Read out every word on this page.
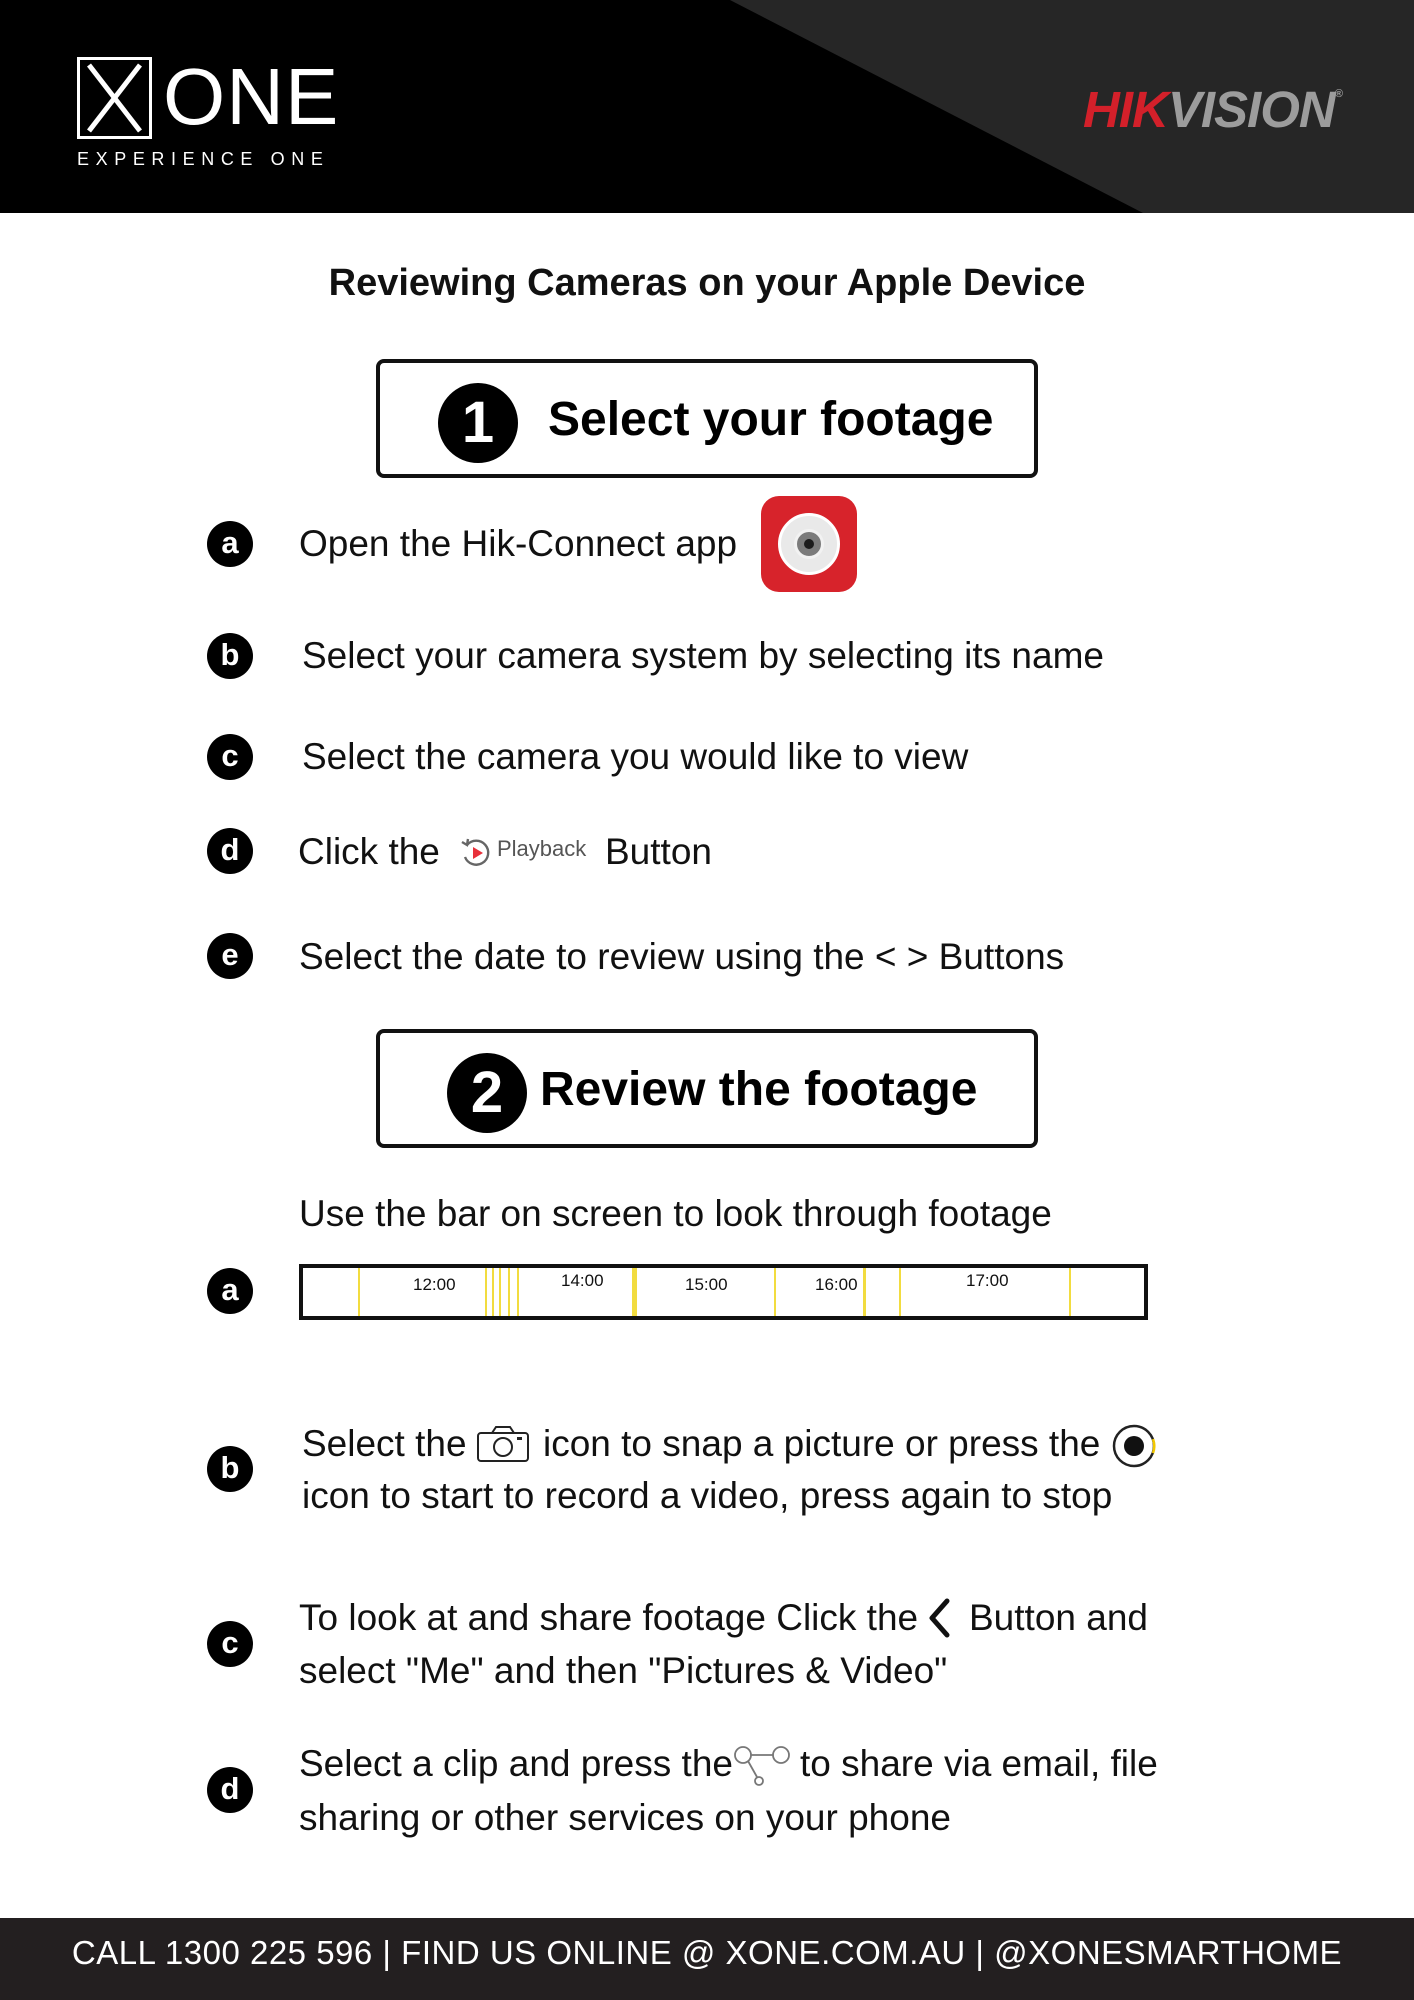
ONE
EXPERIENCE ONE
HIKVISION®
Reviewing Cameras on your Apple Device
1	Select your footage
a	Open the Hik-Connect app
b	Select your camera system by selecting its name
c	Select the camera you would like to view
d	Click the	Playback Button
e	Select the date to review using the < > Buttons
2 Review the footage
Use the bar on screen to look through footage
a	12:00	14:00	15:00	16:00	17:00
b
Select the icon to snap a picture or press the
icon to start to record a video, press again to stop
c
To look at and share footage Click the Button and
select "Me" and then "Pictures & Video"
d
Select a clip and press the to share via email, file
sharing or other services on your phone
CALL 1300 225 596 | FIND US ONLINE @ XONE.COM.AU | @XONESMARTHOME
